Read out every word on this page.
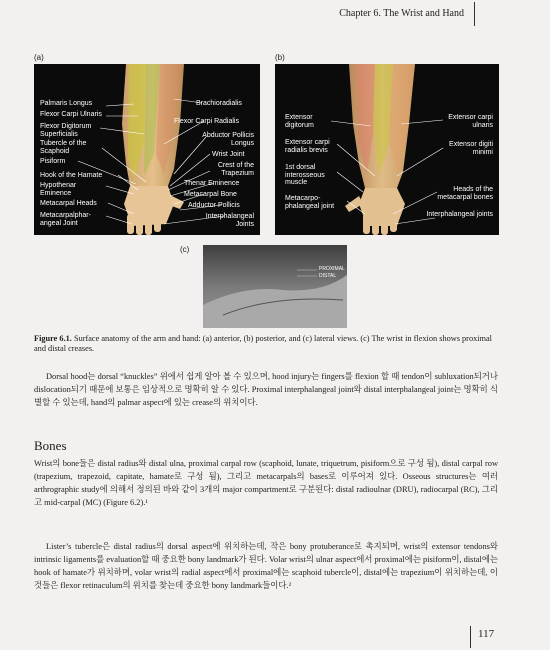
Chapter 6. The Wrist and Hand
(a)
Palmaris Longus
Flexor Carpi Ulnaris
Flexor Digitorum Superficialis
Tubercle of the Scaphoid
Pisiform
Hook of the Hamate
Hypothenar Eminence
Metacarpal Heads
Metacarpalphar- angeal Joint
Brachioradialis
Flexor Carpi Radialis
Abductor Pollicis Longus
Wrist Joint
Crest of the Trapezium
Thenar Eminence
Metacarpal Bone
Adductor Pollicis
Interphalangeal Joints
(b)
Extensor digitorum
Extensor carpi radialis brevis
1st dorsal interosseous muscle
Metacarpo- phalangeal joint
Extensor carpi ulnaris
Extensor digiti minimi
Heads of the metacarpal bones
Interphalangeal joints
(c)
PROXIMAL
DISTAL
Figure 6.1. Surface anatomy of the arm and hand: (a) anterior, (b) posterior, and (c) lateral views. (c) The wrist in flexion shows proximal and distal creases.
Dorsal hood는 dorsal “knuckles” 위에서 쉽게 알아 볼 수 있으며, hood injury는 fingers를 flexion 할 때 tendon이 subluxation되거나 dislocation되기 때문에 보통은 임상적으로 명확히 알 수 있다. Proximal interphalangeal joint와 distal interphalangeal joint는 명확히 식별할 수 있는데, hand의 palmar aspect에 있는 crease의 위치이다.
Bones
Wrist의 bone들은 distal radius와 distal ulna, proximal carpal row (scaphoid, lunate, triquetrum, pisiform으로 구성 됨), distal carpal row (trapezium, trapezoid, capitate, hamate로 구성 됨), 그리고 metacarpals의 bases로 이루어져 있다. Osseous structures는 여러 arthrographic study에 의해서 정의된 바와 같이 3개의 major compartment로 구분된다: distal radioulnar (DRU), radiocarpal (RC), 그리고 mid-carpal (MC) (Figure 6.2).¹
Lister’s tubercle은 distal radius의 dorsal aspect에 위치하는데, 작은 bony protuberance로 촉지되며, wrist의 extensor tendons와 intrinsic ligaments를 evaluation할 때 중요한 bony landmark가 된다. Volar wrist의 ulnar aspect에서 proximal에는 pisiform이, distal에는 hook of hamate가 위치하며, volar wrist의 radial aspect에서 proximal에는 scaphoid tubercle이, distal에는 trapezium이 위치하는데, 이것들은 flexor retinaculum의 위치를 찾는데 중요한 bony landmark들이다.²
117
